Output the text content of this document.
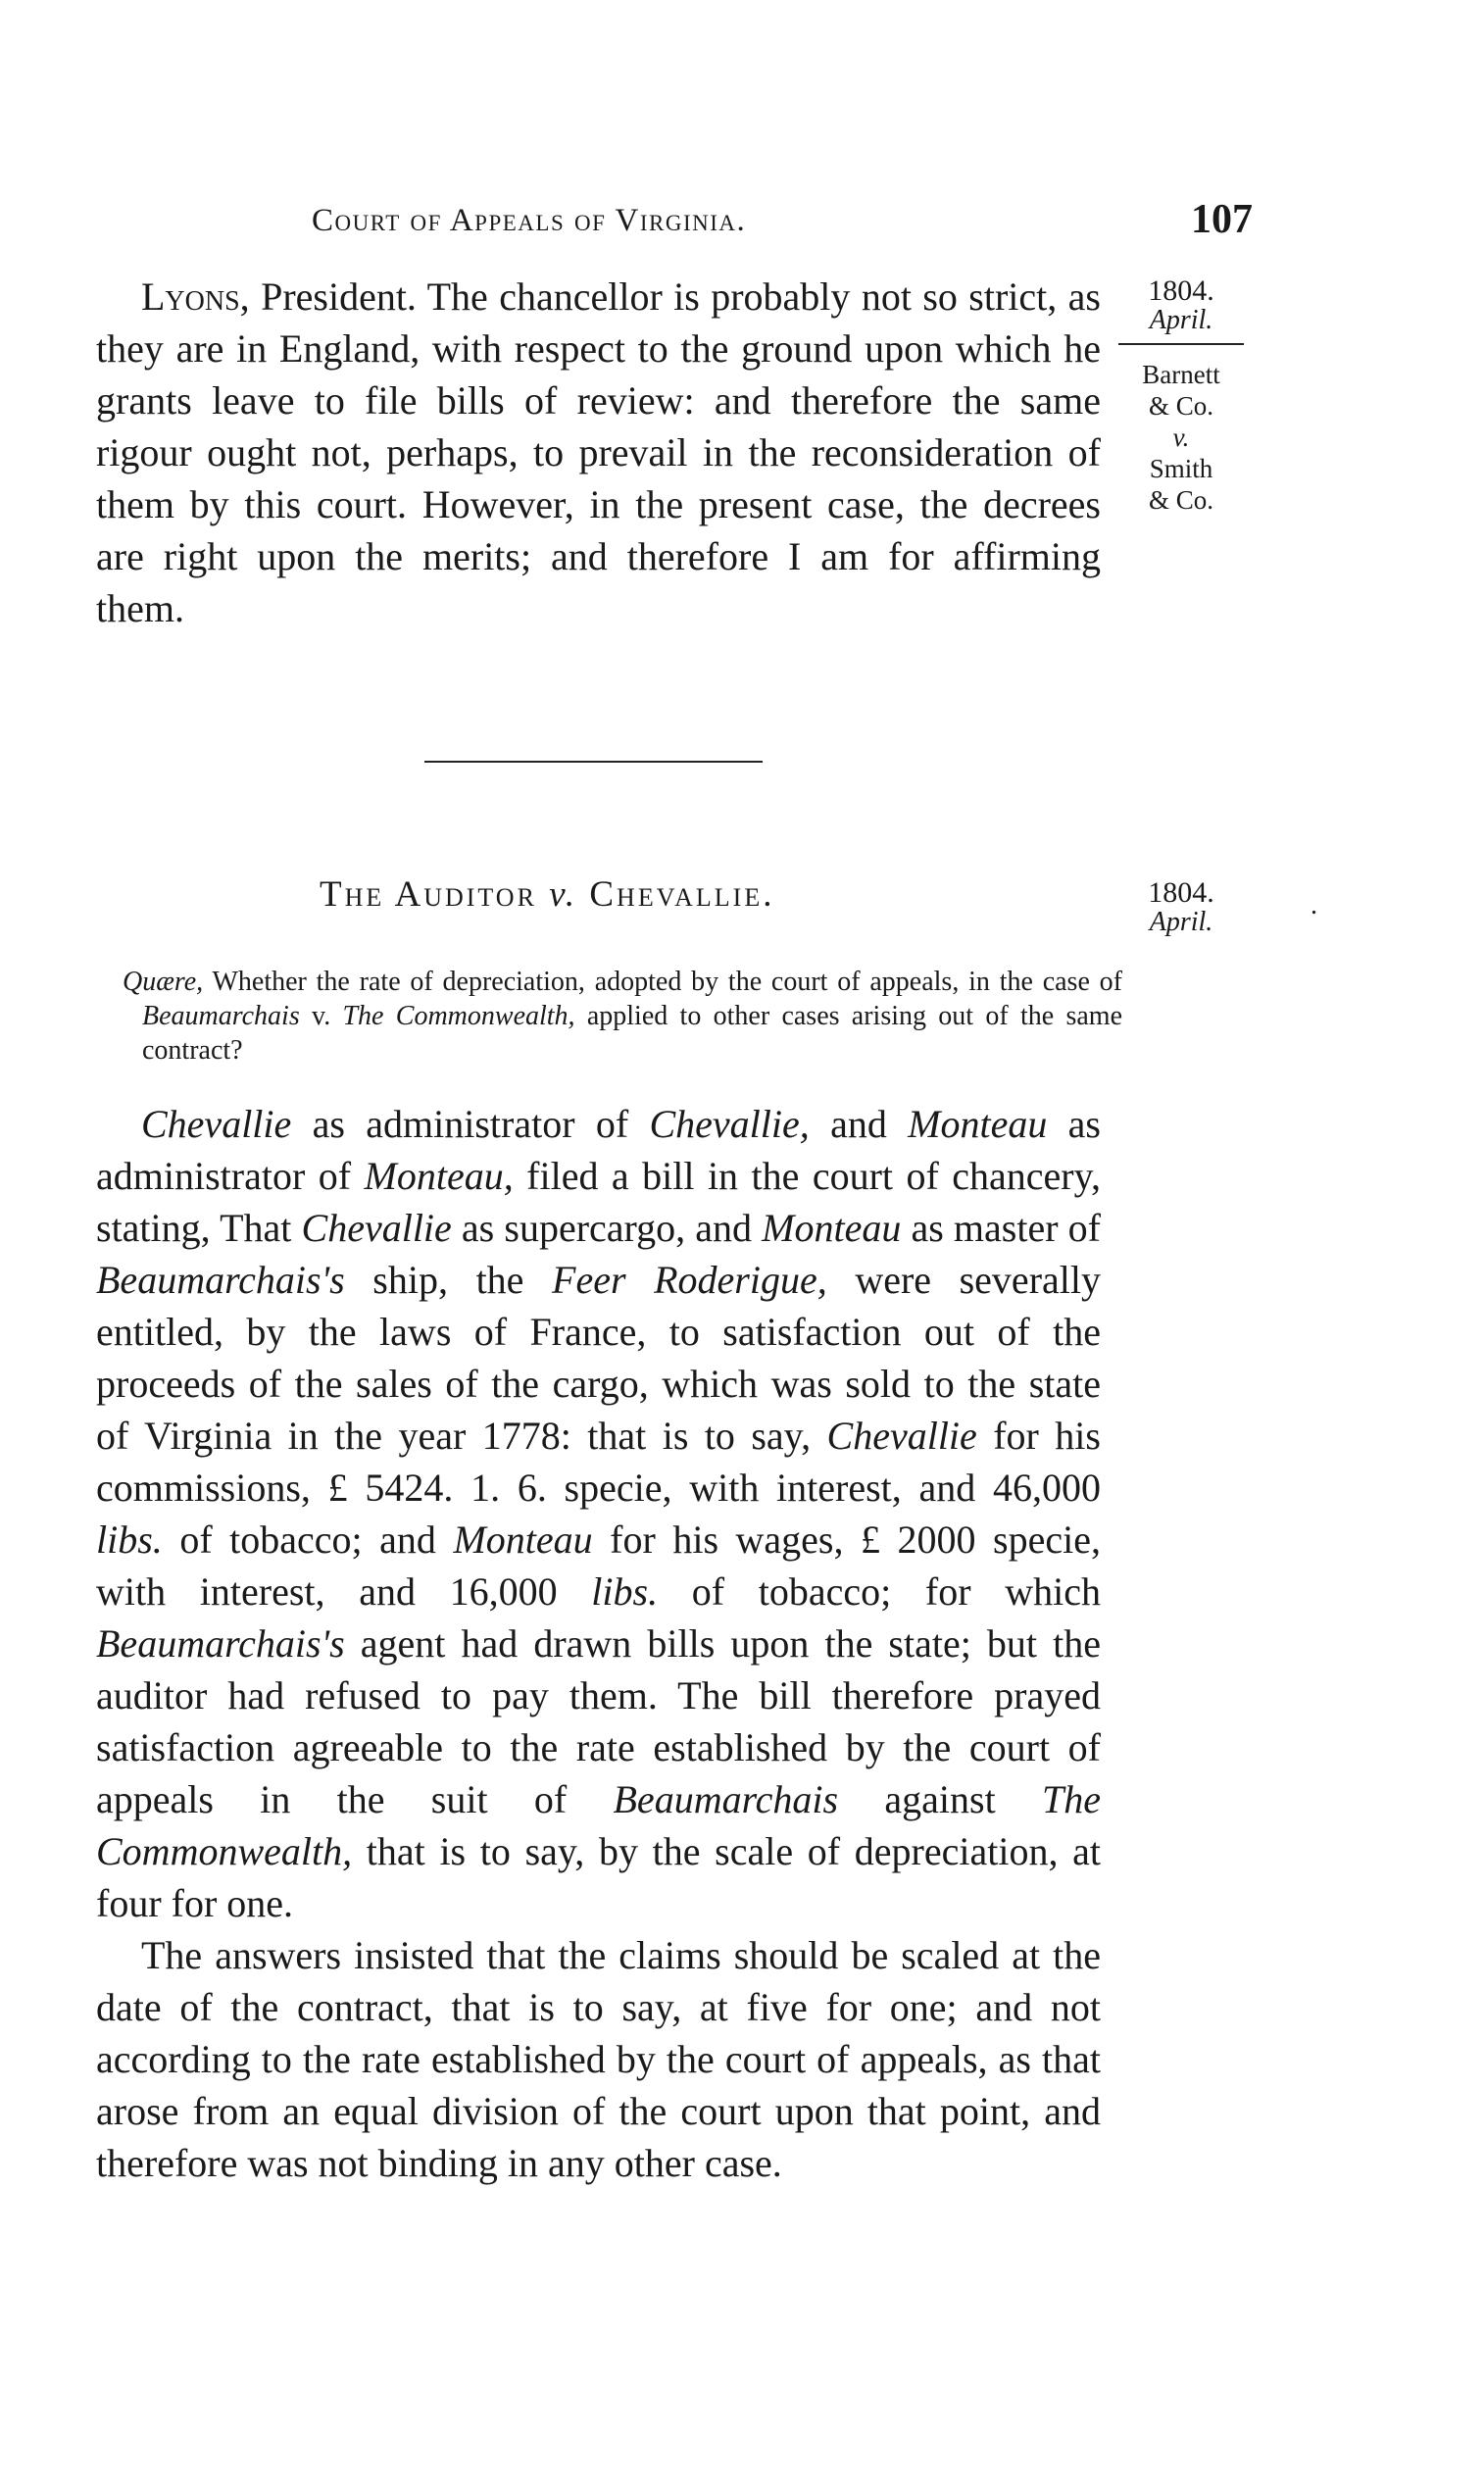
Court of Appeals of Virginia.	107

Lyons, President. The chancellor is probably not so strict, as they are in England, with respect to the ground upon which he grants leave to file bills of review: and therefore the same rigour ought not, perhaps, to prevail in the reconsideration of them by this court. However, in the present case, the decrees are right upon the merits; and therefore I am for affirming them.

1804.
April.
Barnett
& Co.
v.
Smith
& Co.
The Auditor v. Chevallie.	1804.
April.
.
Quære, Whether the rate of depreciation, adopted by the court of appeals, in the case of Beaumarchais v. The Commonwealth, applied to other cases arising out of the same contract?

Chevallie as administrator of Chevallie, and Monteau as administrator of Monteau, filed a bill in the court of chancery, stating, That Chevallie as supercargo, and Monteau as master of Beaumarchais's ship, the Feer Roderigue, were severally entitled, by the laws of France, to satisfaction out of the proceeds of the sales of the cargo, which was sold to the state of Virginia in the year 1778: that is to say, Chevallie for his commissions, £ 5424. 1. 6. specie, with interest, and 46,000 libs. of tobacco; and Monteau for his wages, £ 2000 specie, with interest, and 16,000 libs. of tobacco; for which Beaumarchais's agent had drawn bills upon the state; but the auditor had refused to pay them. The bill therefore prayed satisfaction agreeable to the rate established by the court of appeals in the suit of Beaumarchais against The Commonwealth, that is to say, by the scale of depreciation, at four for one.

The answers insisted that the claims should be scaled at the date of the contract, that is to say, at five for one; and not according to the rate established by the court of appeals, as that arose from an equal division of the court upon that point, and therefore was not binding in any other case.
